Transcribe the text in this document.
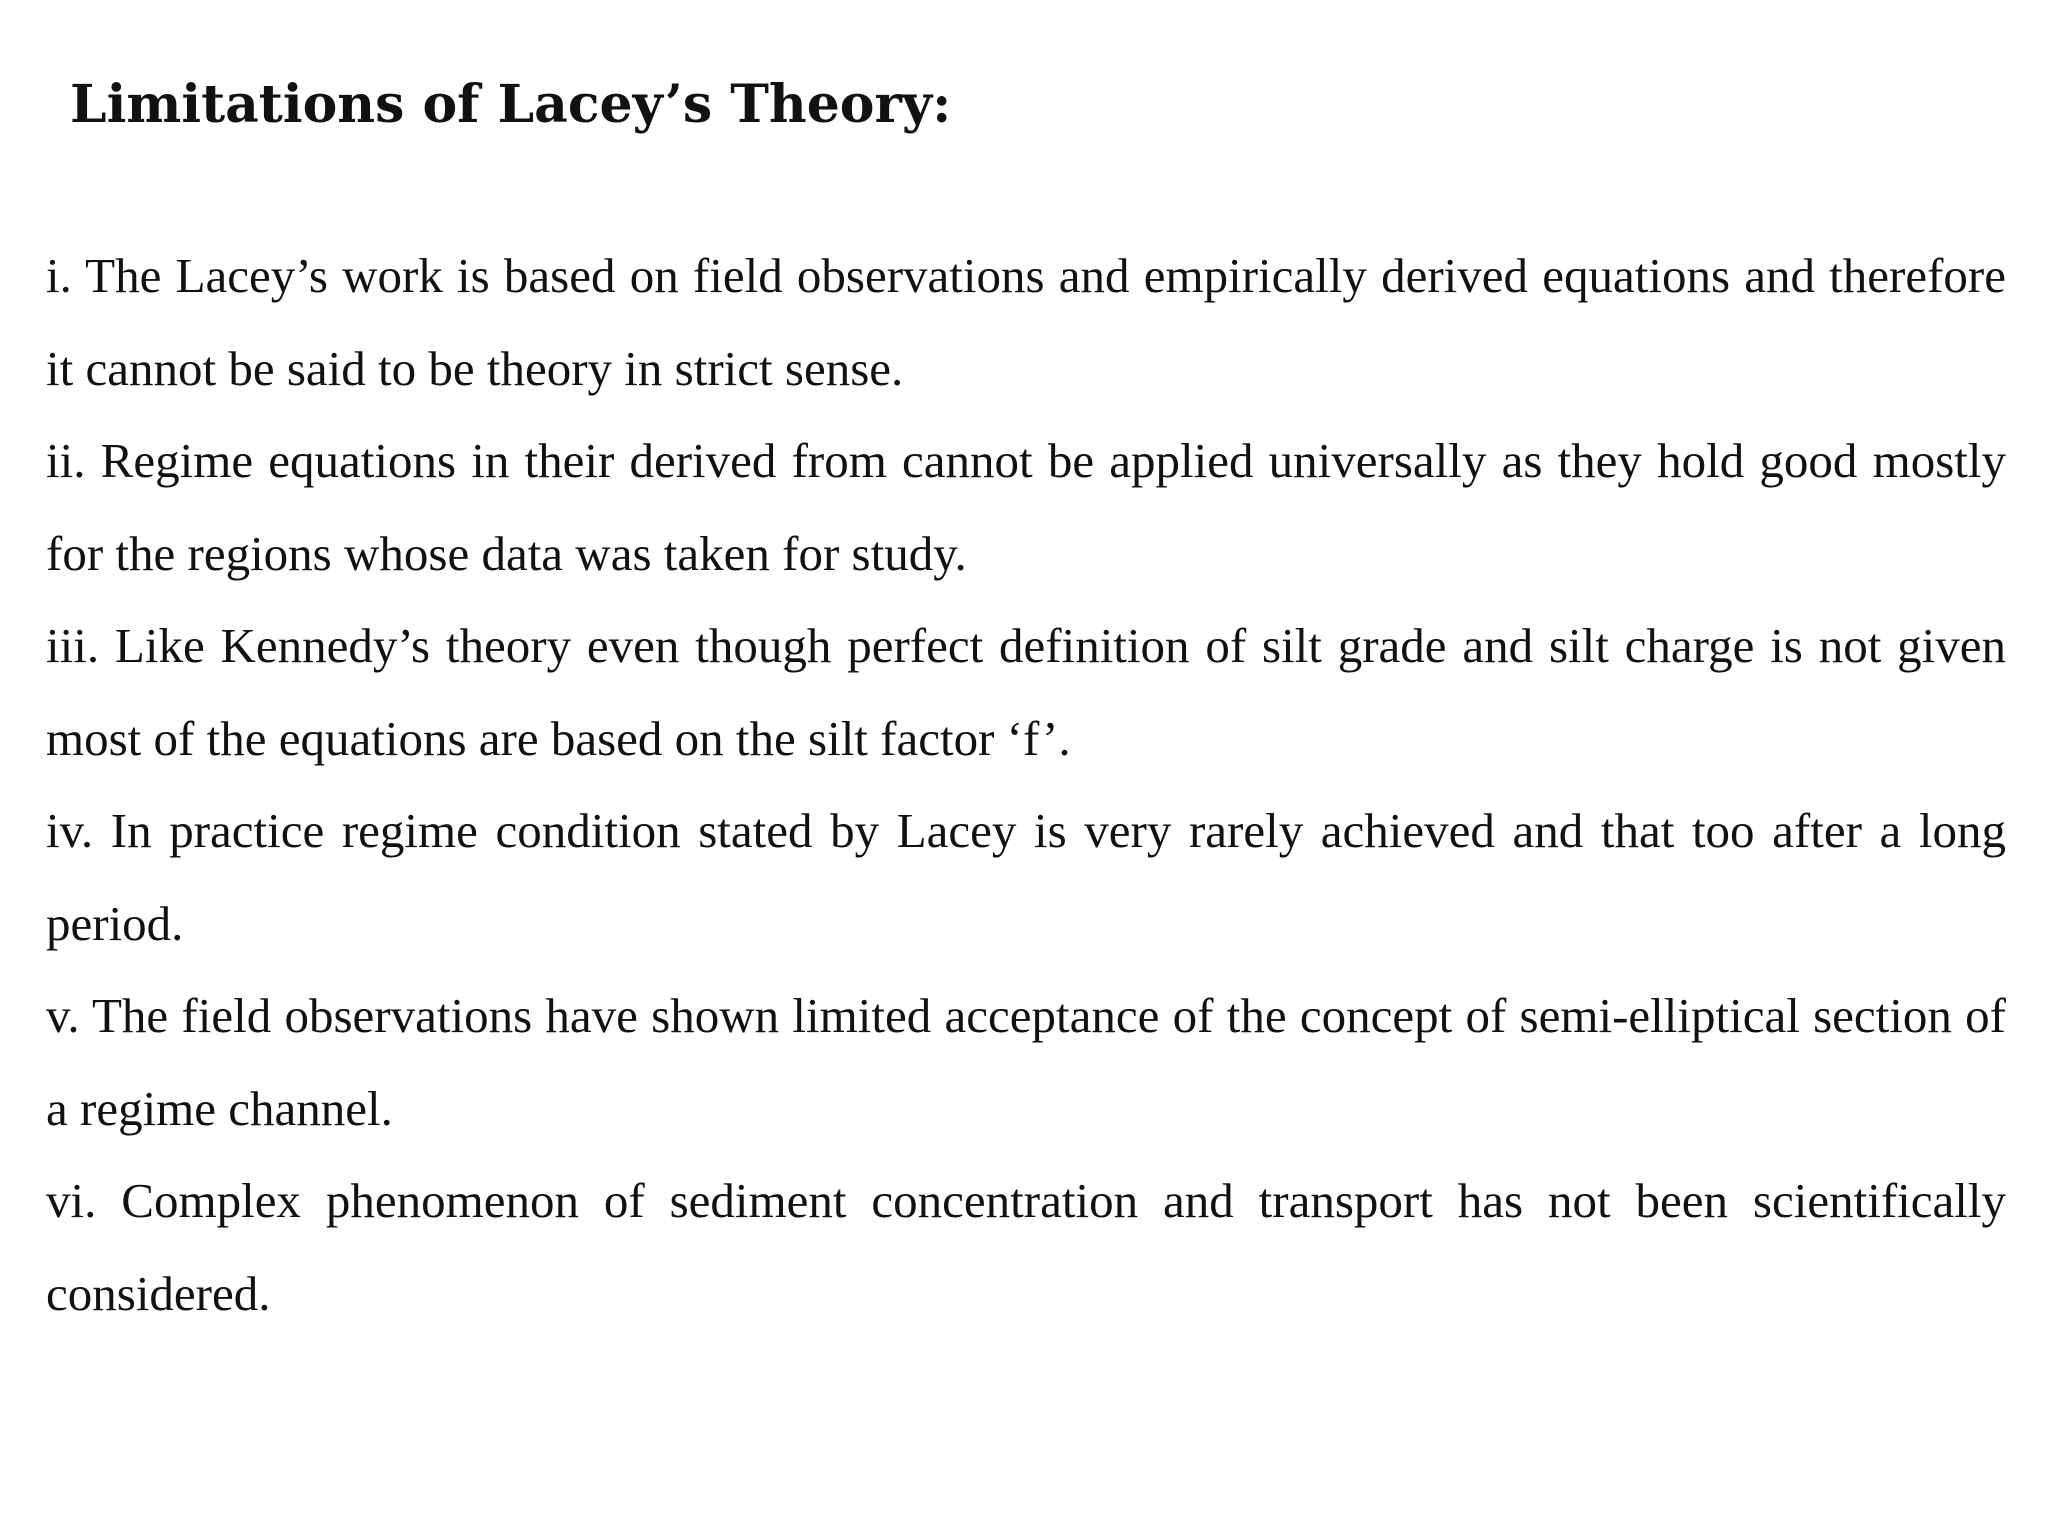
Limitations of Lacey’s Theory:

i. The Lacey’s work is based on field observations and empirically derived equations and therefore it cannot be said to be theory in strict sense.

ii. Regime equations in their derived from cannot be applied universally as they hold good mostly for the regions whose data was taken for study.

iii. Like Kennedy’s theory even though perfect definition of silt grade and silt charge is not given most of the equations are based on the silt factor ‘f’.

iv. In practice regime condition stated by Lacey is very rarely achieved and that too after a long period.

v. The field observations have shown limited acceptance of the concept of semi-elliptical section of a regime channel.

vi. Complex phenomenon of sediment concentration and transport has not been scientifically considered.
